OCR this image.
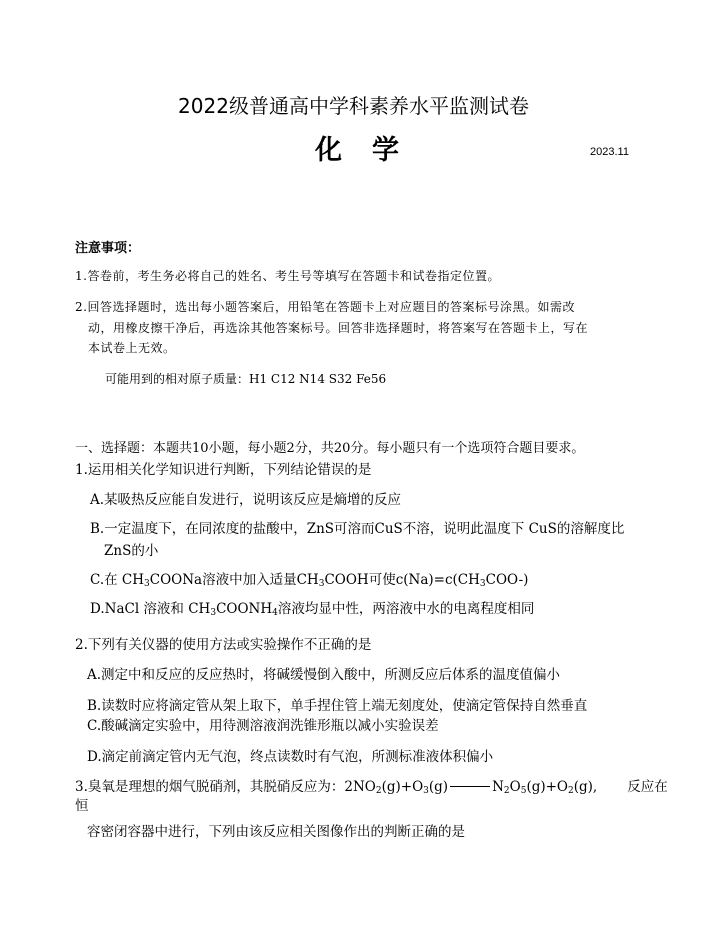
2022级普通高中学科素养水平监测试卷
化学	2023.11
注意事项：
1.答卷前，考生务必将自己的姓名、考生号等填写在答题卡和试卷指定位置。
2.回答选择题时，选出每小题答案后，用铅笔在答题卡上对应题目的答案标号涂黑。如需改
动，用橡皮擦干净后，再选涂其他答案标号。回答非选择题时，将答案写在答题卡上，写在
本试卷上无效。
可能用到的相对原子质量：H1 C12 N14 S32 Fe56
一、选择题：本题共10小题，每小题2分，共20分。每小题只有一个选项符合题目要求。
1.运用相关化学知识进行判断，下列结论错误的是
A.某吸热反应能自发进行，说明该反应是熵增的反应
B.一定温度下，在同浓度的盐酸中，ZnS可溶而CuS不溶，说明此温度下 CuS的溶解度比
ZnS的小
C.在 $CH_3COONa$溶液中加入适量$CH_3COOH$可使$c(Na)=c(CH_3COO-)$
D.NaCl 溶液和 $CH_3COONH_4$溶液均显中性，两溶液中水的电离程度相同
2.下列有关仪器的使用方法或实验操作不正确的是
A.测定中和反应的反应热时，将碱缓慢倒入酸中，所测反应后体系的温度值偏小
B.读数时应将滴定管从架上取下，单手捏住管上端无刻度处，使滴定管保持自然垂直
C.酸碱滴定实验中，用待测溶液润洗锥形瓶以减小实验误差
D.滴定前滴定管内无气泡，终点读数时有气泡，所测标准液体积偏小
3.臭氧是理想的烟气脱硝剂，其脱硝反应为：$2NO_2(g)+O_3(g)$	$N_2O_5(g)+O_2(g)$, 反应在
恒
容密闭容器中进行，下列由该反应相关图像作出的判断正确的是
